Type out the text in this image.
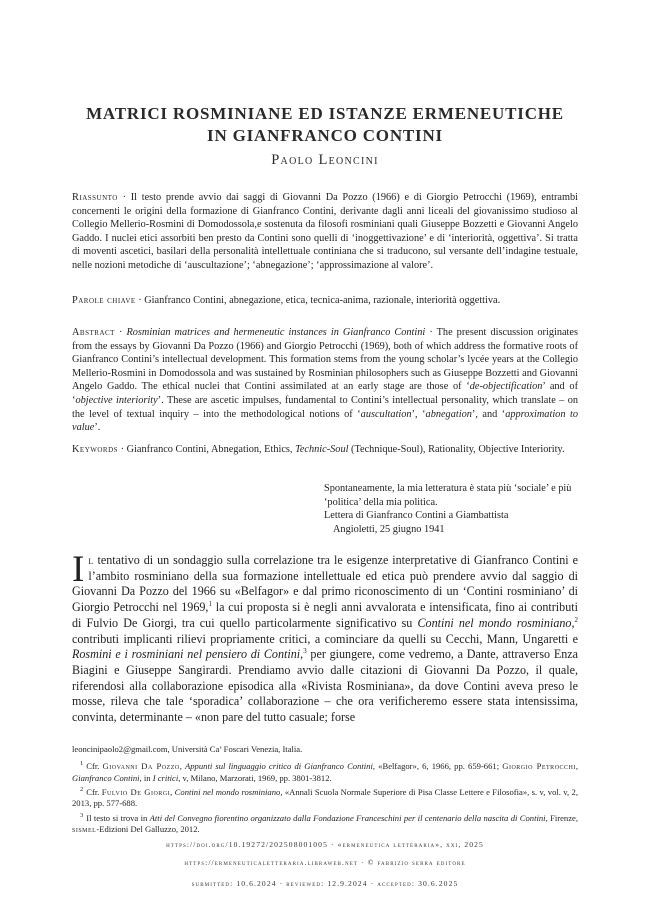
MATRICI ROSMINIANE ED ISTANZE ERMENEUTICHE
IN GIANFRANCO CONTINI
Paolo Leoncini

Riassunto · Il testo prende avvio dai saggi di Giovanni Da Pozzo (1966) e di Giorgio Petrocchi (1969), entrambi concernenti le origini della formazione di Gianfranco Contini, derivante dagli anni liceali del giovanissimo studioso al Collegio Mellerio-Rosmini di Domodossola,e sostenuta da filosofi rosminiani quali Giuseppe Bozzetti e Giovanni Angelo Gaddo. I nuclei etici assorbiti ben presto da Contini sono quelli di ‘inoggettivazione’ e di ‘interiorità, oggettiva’. Si tratta di moventi ascetici, basilari della personalità intellettuale continiana che si traducono, sul versante dell’indagine testuale, nelle nozioni metodiche di ‘auscultazione’; ‘abnegazione’; ‘approssimazione al valore’.

Parole chiave · Gianfranco Contini, abnegazione, etica, tecnica-anima, razionale, interiorità oggettiva.

Abstract · Rosminian matrices and hermeneutic instances in Gianfranco Contini · The present discussion originates from the essays by Giovanni Da Pozzo (1966) and Giorgio Petrocchi (1969), both of which address the formative roots of Gianfranco Contini’s intellectual development. This formation stems from the young scholar’s lycée years at the Collegio Mellerio-Rosmini in Domodossola and was sustained by Rosminian philosophers such as Giuseppe Bozzetti and Giovanni Angelo Gaddo. The ethical nuclei that Contini assimilated at an early stage are those of ‘de-objectification’ and of ‘objective interiority’. These are ascetic impulses, fundamental to Contini’s intellectual personality, which translate – on the level of textual inquiry – into the methodological notions of ‘auscultation’, ‘abnegation’, and ‘approximation to value’.

Keywords · Gianfranco Contini, Abnegation, Ethics, Technic-Soul (Technique-Soul), Rationality, Objective Interiority.

Spontaneamente, la mia letteratura è stata più ‘sociale’ e più ‘politica’ della mia politica.

Lettera di Gianfranco Contini a Giambattista
Angioletti, 25 giugno 1941

Il tentativo di un sondaggio sulla correlazione tra le esigenze interpretative di Gianfranco Contini e l’ambito rosminiano della sua formazione intellettuale ed etica può prendere avvio dal saggio di Giovanni Da Pozzo del 1966 su «Belfagor» e dal primo riconoscimento di un ‘Contini rosminiano’ di Giorgio Petrocchi nel 1969,$^1$ la cui proposta si è negli anni avvalorata e intensificata, fino ai contributi di Fulvio De Giorgi, tra cui quello particolarmente significativo su Contini nel mondo rosminiano,$^2$ contributi implicanti rilievi propriamente critici, a cominciare da quelli su Cecchi, Mann, Ungaretti e Rosmini e i rosminiani nel pensiero di Contini,$^3$ per giungere, come vedremo, a Dante, attraverso Enza Biagini e Giuseppe Sangirardi. Prendiamo avvio dalle citazioni di Giovanni Da Pozzo, il quale, riferendosi alla collaborazione episodica alla «Rivista Rosminiana», da dove Contini aveva preso le mosse, rileva che tale ‘sporadica’ collaborazione – che ora verificheremo essere stata intensissima, convinta, determinante – «non pare del tutto casuale; forse

leoncinipaolo2@gmail.com, Università Ca’ Foscari Venezia, Italia.

$^1$ Cfr. Giovanni Da Pozzo, Appunti sul linguaggio critico di Gianfranco Contini, «Belfagor», 6, 1966, pp. 659-661; Giorgio Petrocchi, Gianfranco Contini, in I critici, v, Milano, Marzorati, 1969, pp. 3801-3812.

$^2$ Cfr. Fulvio De Giorgi, Contini nel mondo rosminiano, «Annali Scuola Normale Superiore di Pisa Classe Lettere e Filosofia», s. v, vol. v, 2, 2013, pp. 577-688.

$^3$ Il testo si trova in Atti del Convegno fiorentino organizzato dalla Fondazione Franceschini per il centenario della nascita di Contini, Firenze, sismel-Edizioni Del Galluzzo, 2012.

https://doi.org/10.19272/202508001005 · «ermeneutica letteraria», xxi, 2025
https://ermeneuticaletteraria.libraweb.net · © fabrizio serra editore
submitted: 10.6.2024 · reviewed: 12.9.2024 · accepted: 30.6.2025
